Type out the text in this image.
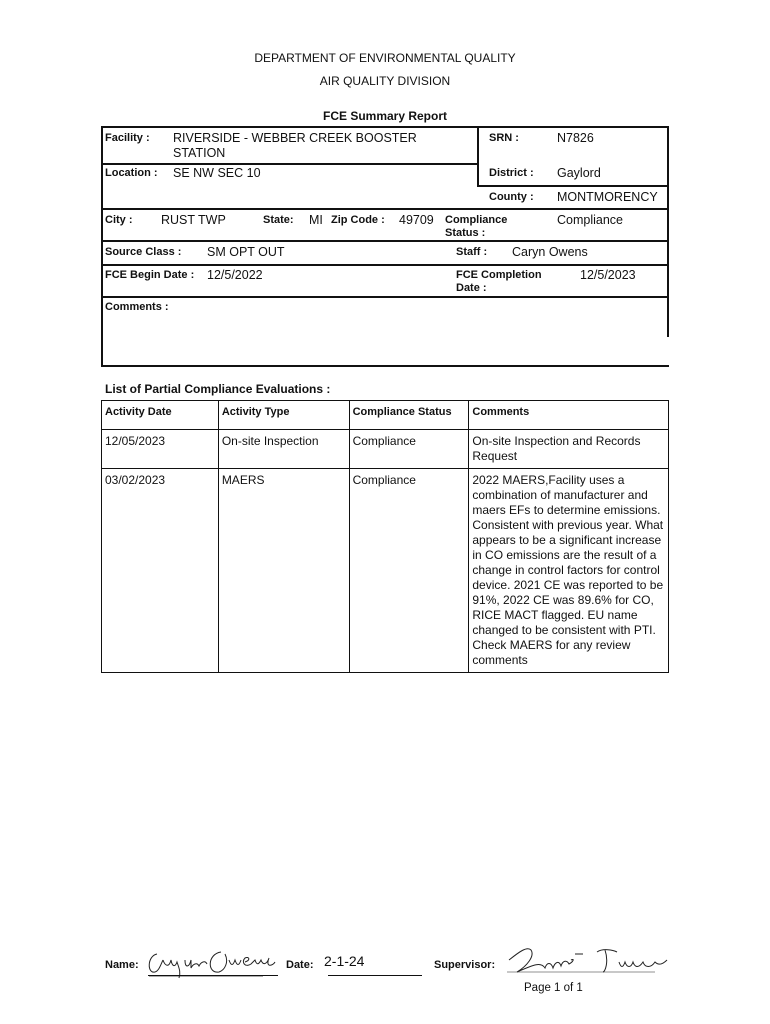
DEPARTMENT OF ENVIRONMENTAL QUALITY
AIR QUALITY DIVISION
FCE Summary Report
Facility : RIVERSIDE - WEBBER CREEK BOOSTER
STATION
SRN :	N7826
Location : SE NW SEC 10	District : Gaylord
County : MONTMORENCY
City : RUST TWP	State: MI Zip Code : 49709 Compliance
Status :
Compliance
Source Class : SM OPT OUT	Staff : Caryn Owens
FCE Begin Date : 12/5/2022	FCE Completion
Date :
12/5/2023
Comments :
List of Partial Compliance Evaluations :
Activity Date	Activity Type	Compliance Status	Comments
12/05/2023	On-site Inspection	Compliance	On-site Inspection and Records Request
03/02/2023	MAERS	Compliance	2022 MAERS,Facility uses a combination of manufacturer and maers EFs to determine emissions. Consistent with previous year. What appears to be a significant increase in CO emissions are the result of a change in control factors for control device. 2021 CE was reported to be 91%, 2022 CE was 89.6% for CO, RICE MACT flagged. EU name changed to be consistent with PTI. Check MAERS for any review comments
Name:	Date: 2-1-24	Supervisor:
Page 1 of 1
